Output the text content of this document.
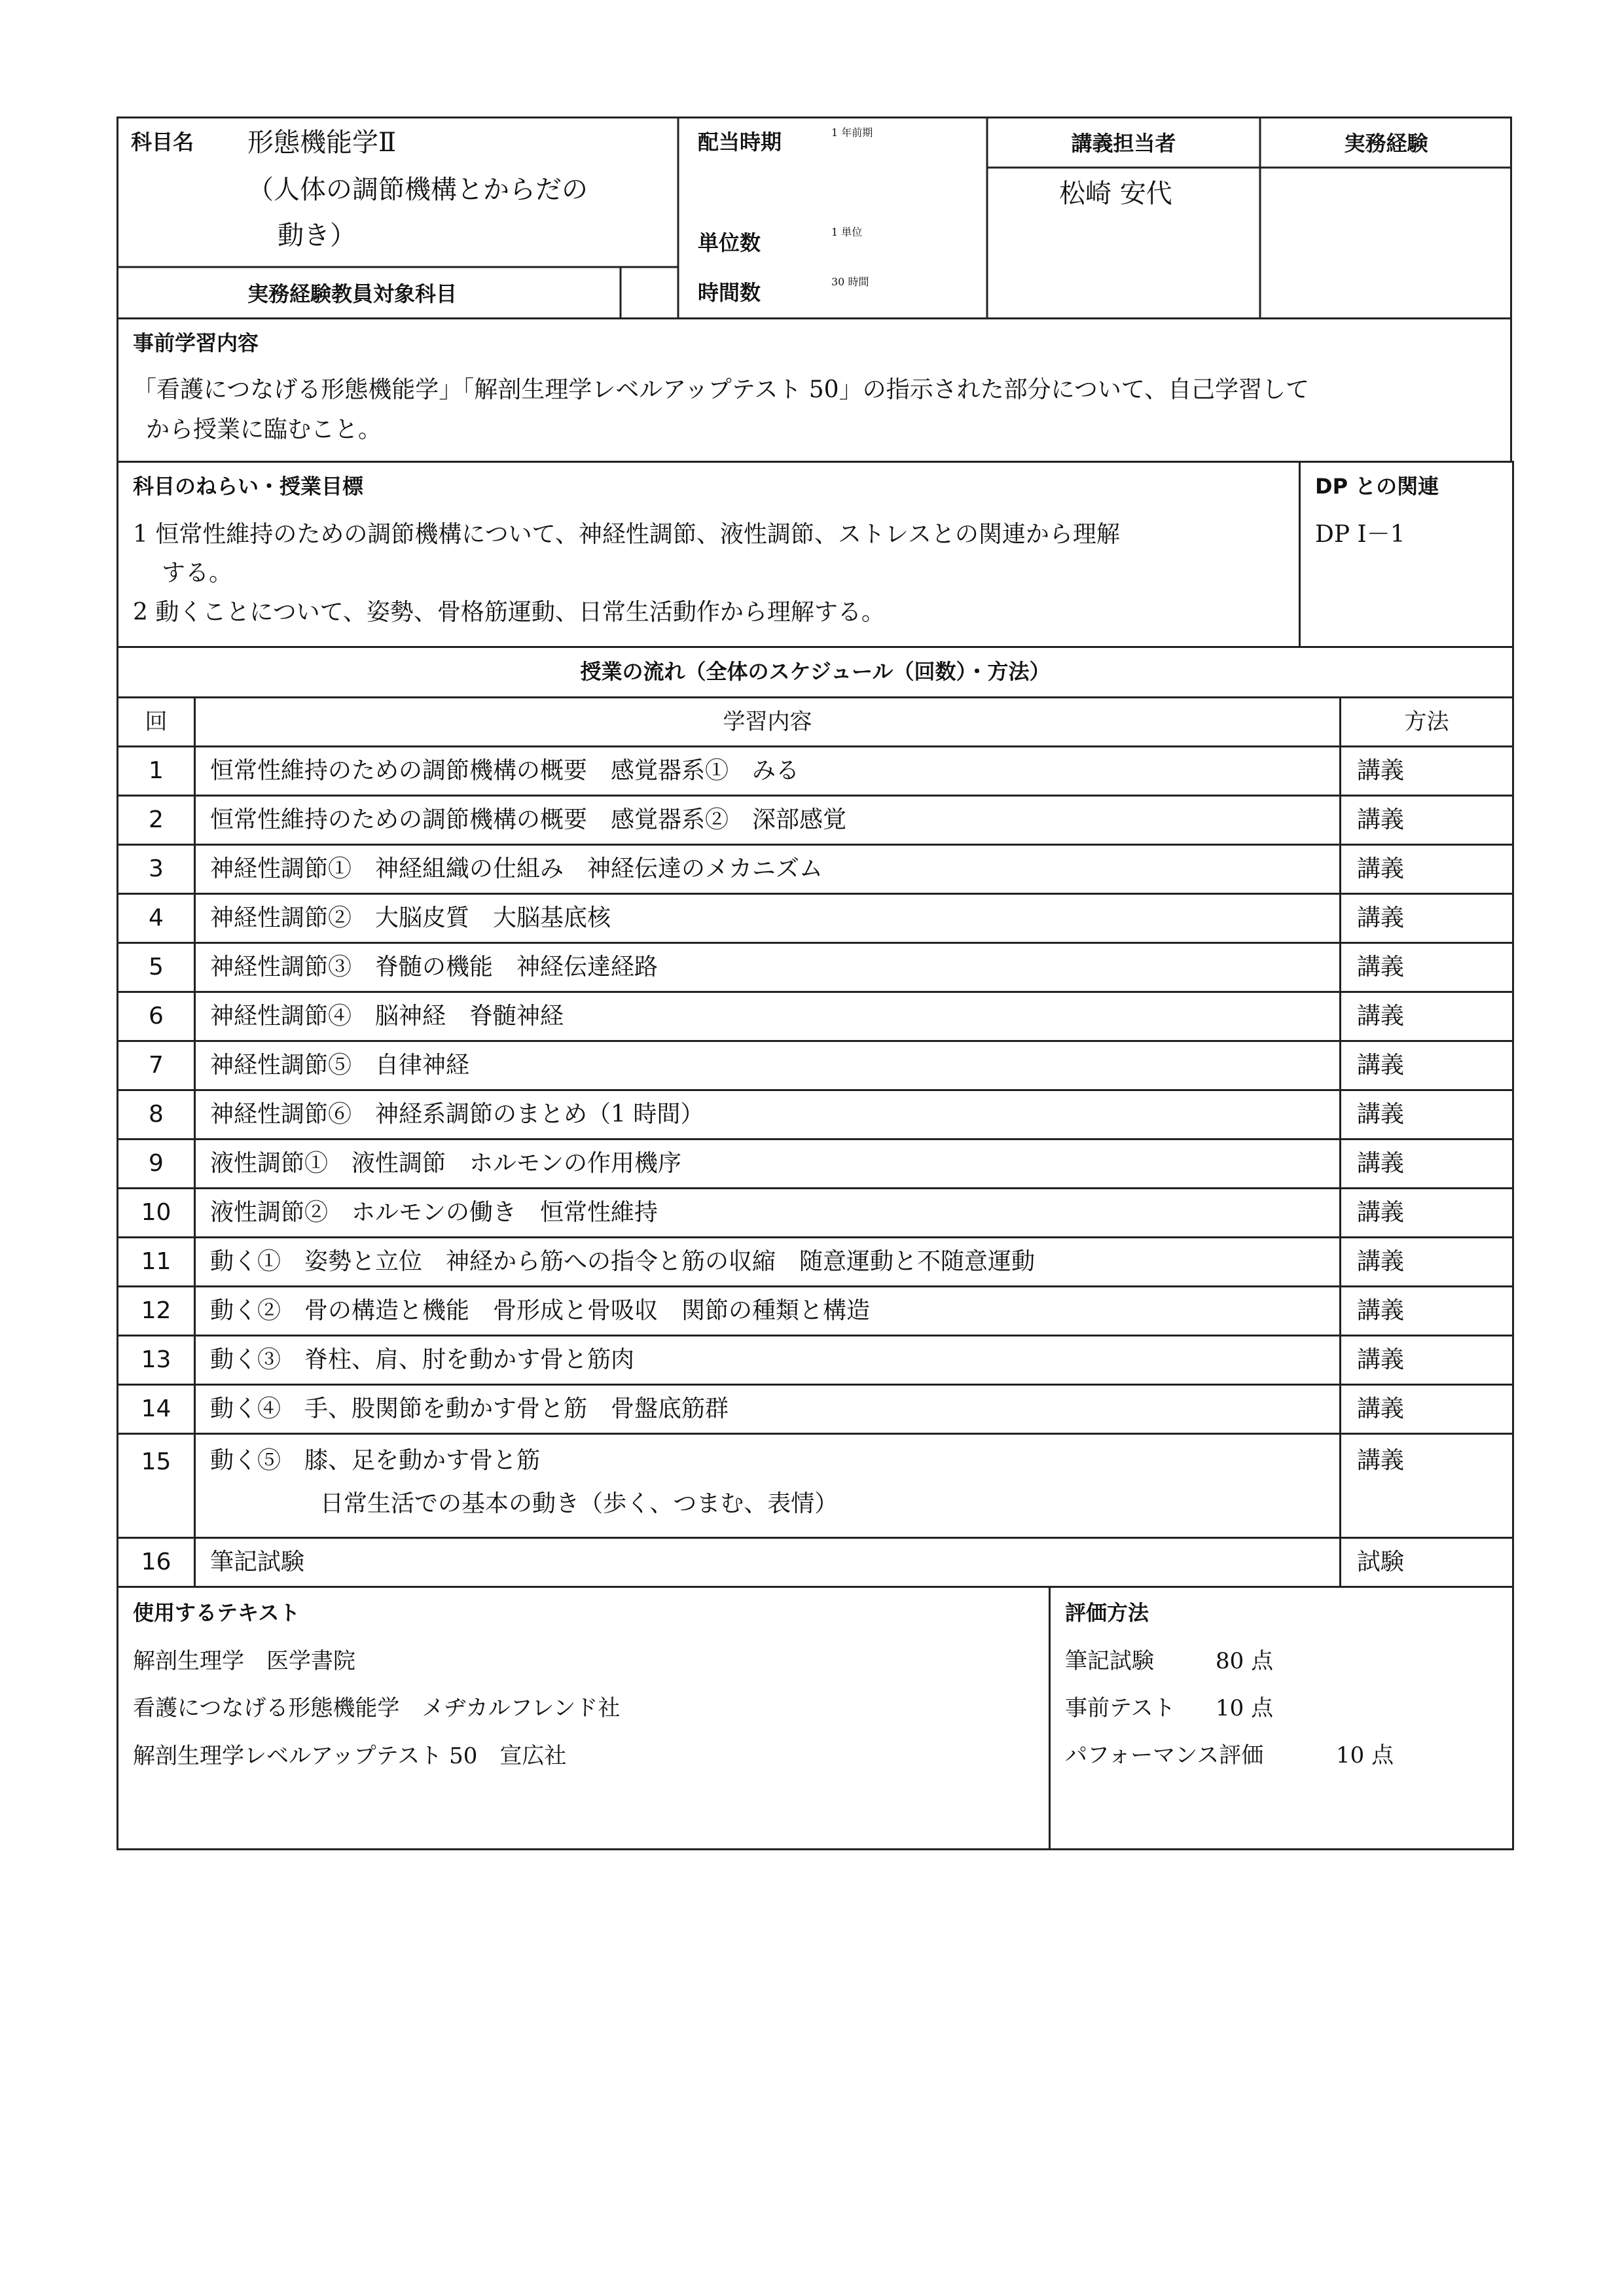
科目名 形態機能学Ⅱ
（人体の調節機構とからだの
動き）
実務経験教員対象科目
配当時期	1 年前期
単位数	1 単位
時間数	30 時間
講義担当者
松崎 安代
実務経験
事前学習内容
「看護につなげる形態機能学」「解剖生理学レベルアップテスト 50」の指示された部分について、自己学習して
から授業に臨むこと。
科目のねらい・授業目標
1 恒常性維持のための調節機構について、神経性調節、液性調節、ストレスとの関連から理解
する。
2 動くことについて、姿勢、骨格筋運動、日常生活動作から理解する。

DP との関連
DP Ⅰ－1
授業の流れ（全体のスケジュール（回数）・方法）		
回	学習内容	方法
1	恒常性維持のための調節機構の概要　感覚器系①　みる	講義
2	恒常性維持のための調節機構の概要　感覚器系②　深部感覚	講義
3	神経性調節①　神経組織の仕組み　神経伝達のメカニズム	講義
4	神経性調節②　大脳皮質　大脳基底核	講義
5	神経性調節③　脊髄の機能　神経伝達経路	講義
6	神経性調節④　脳神経　脊髄神経	講義
7	神経性調節⑤　自律神経	講義
8	神経性調節⑥　神経系調節のまとめ（1 時間）	講義
9	液性調節①　液性調節　ホルモンの作用機序	講義
10	液性調節②　ホルモンの働き　恒常性維持	講義
11	動く①　姿勢と立位　神経から筋への指令と筋の収縮　随意運動と不随意運動	講義
12	動く②　骨の構造と機能　骨形成と骨吸収　関節の種類と構造	講義
13	動く③　脊柱、肩、肘を動かす骨と筋肉	講義
14	動く④　手、股関節を動かす骨と筋　骨盤底筋群	講義
15	動く⑤　膝、足を動かす骨と筋
日常生活での基本の動き（歩く、つまむ、表情）	講義
16	筆記試験	試験
使用するテキスト
解剖生理学　医学書院
看護につなげる形態機能学　メヂカルフレンド社
解剖生理学レベルアップテスト 50　宣広社

評価方法
筆記試験	80 点
事前テスト 10 点
パフォーマンス評価	10 点
